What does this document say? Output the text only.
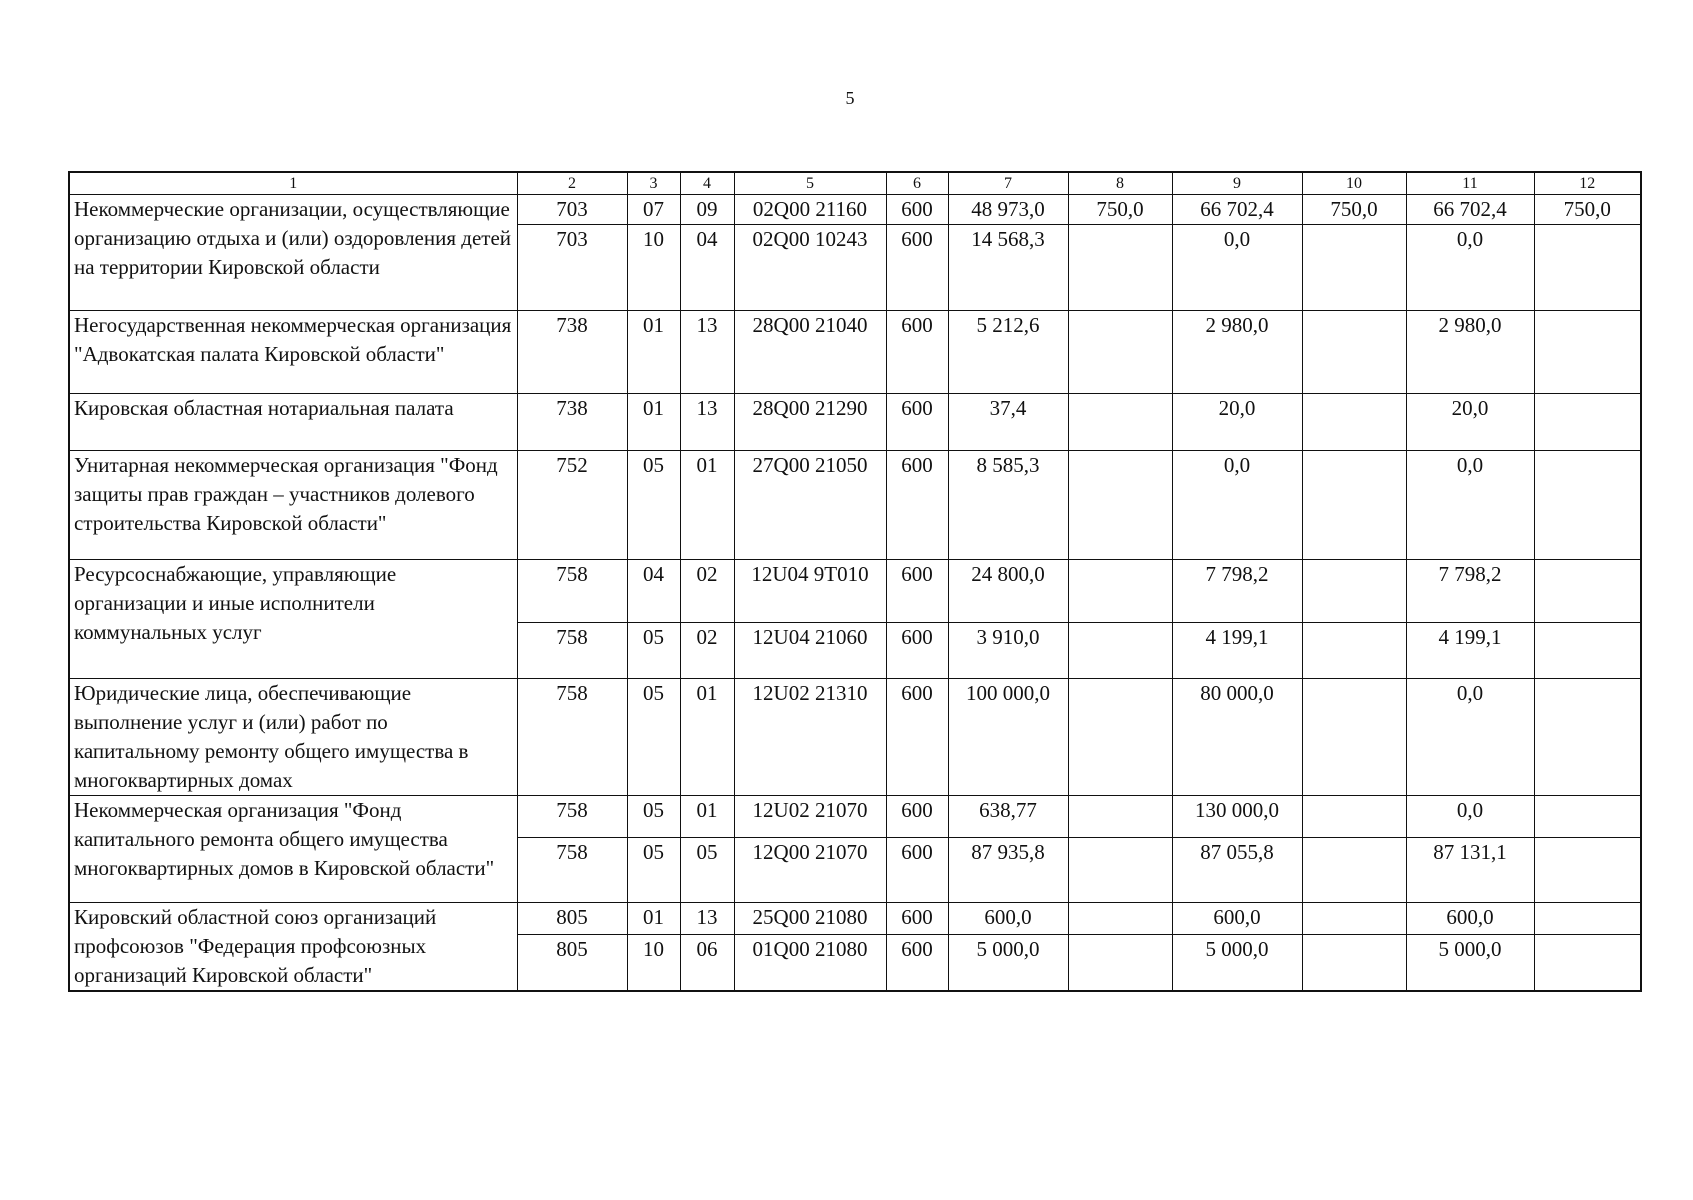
5
1	2	3	4	5	6	7	8	9	10	11	12
Некоммерческие организации, осуществляющие организацию отдыха и (или) оздоровления детей на территории Кировской области	703	07	09	02Q00 21160	600	48 973,0	750,0	66 702,4	750,0	66 702,4	750,0
	703	10	04	02Q00 10243	600	14 568,3		0,0		0,0	
Негосударственная некоммерческая организация "Адвокатская палата Кировской области"	738	01	13	28Q00 21040	600	5 212,6		2 980,0		2 980,0	
Кировская областная нотариальная палата	738	01	13	28Q00 21290	600	37,4		20,0		20,0	
Унитарная некоммерческая организация "Фонд защиты прав граждан – участников долевого строительства Кировской области"	752	05	01	27Q00 21050	600	8 585,3		0,0		0,0	
Ресурсоснабжающие, управляющие организации и иные исполнители коммунальных услуг	758	04	02	12U04 9T010	600	24 800,0		7 798,2		7 798,2	
	758	05	02	12U04 21060	600	3 910,0		4 199,1		4 199,1	
Юридические лица, обеспечивающие выполнение услуг и (или) работ по капитальному ремонту общего имущества в многоквартирных домах	758	05	01	12U02 21310	600	100 000,0		80 000,0		0,0	
Некоммерческая организация "Фонд капитального ремонта общего имущества многоквартирных домов в Кировской области"	758	05	01	12U02 21070	600	638,77		130 000,0		0,0	
	758	05	05	12Q00 21070	600	87 935,8		87 055,8		87 131,1	
Кировский областной союз организаций профсоюзов "Федерация профсоюзных организаций Кировской области"	805	01	13	25Q00 21080	600	600,0		600,0		600,0	
	805	10	06	01Q00 21080	600	5 000,0		5 000,0		5 000,0	
